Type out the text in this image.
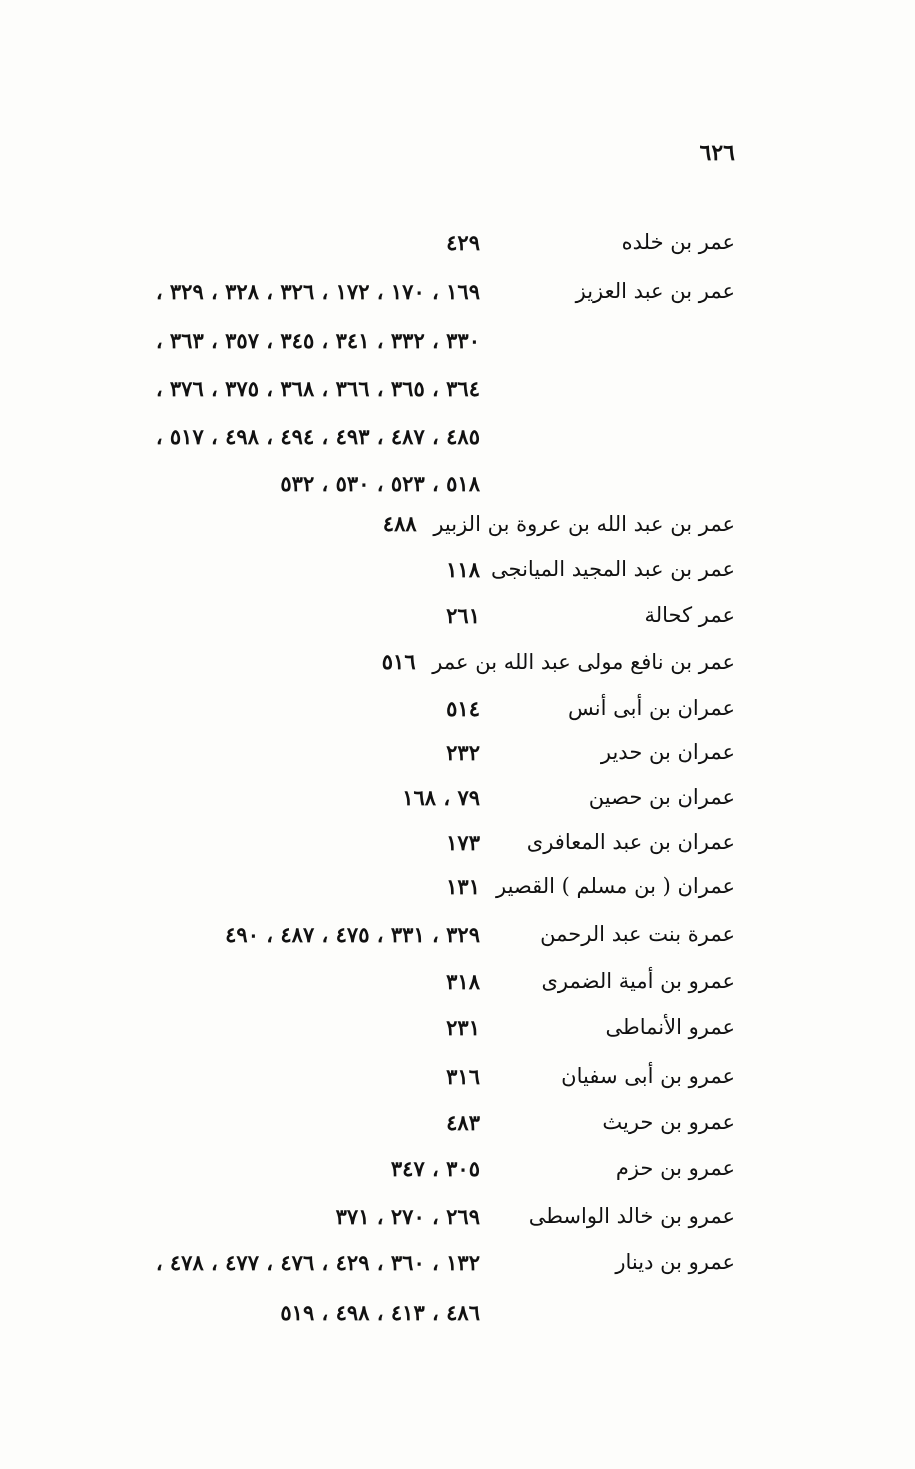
٦٢٦
عمر بن خلده
٤٢٩
عمر بن عبد العزيز
١٦٩ ، ١٧٠ ، ١٧٢ ، ٣٢٦ ، ٣٢٨ ، ٣٢٩ ،
٣٣٠ ، ٣٣٢ ، ٣٤١ ، ٣٤٥ ، ٣٥٧ ، ٣٦٣ ،
٣٦٤ ، ٣٦٥ ، ٣٦٦ ، ٣٦٨ ، ٣٧٥ ، ٣٧٦ ،
٤٨٥ ، ٤٨٧ ، ٤٩٣ ، ٤٩٤ ، ٤٩٨ ، ٥١٧ ،
٥١٨ ، ٥٢٣ ، ٥٣٠ ، ٥٣٢
عمر بن عبد الله بن عروة بن الزبير ٤٨٨
عمر بن عبد المجيد الميانجى
١١٨
عمر كحالة
٢٦١
عمر بن نافع مولى عبد الله بن عمر ٥١٦
عمران بن أبى أنس
٥١٤
عمران بن حدير
٢٣٢
عمران بن حصين
٧٩ ، ١٦٨
عمران بن عبد المعافرى
١٧٣
عمران ( بن مسلم ) القصير
١٣١
عمرة بنت عبد الرحمن
٣٢٩ ، ٣٣١ ، ٤٧٥ ، ٤٨٧ ، ٤٩٠
عمرو بن أمية الضمرى
٣١٨
عمرو الأنماطى
٢٣١
عمرو بن أبى سفيان
٣١٦
عمرو بن حريث
٤٨٣
عمرو بن حزم
٣٠٥ ، ٣٤٧
عمرو بن خالد الواسطى
٢٦٩ ، ٢٧٠ ، ٣٧١
عمرو بن دينار
١٣٢ ، ٣٦٠ ، ٤٢٩ ، ٤٧٦ ، ٤٧٧ ، ٤٧٨ ،
٤٨٦ ، ٤١٣ ، ٤٩٨ ، ٥١٩
